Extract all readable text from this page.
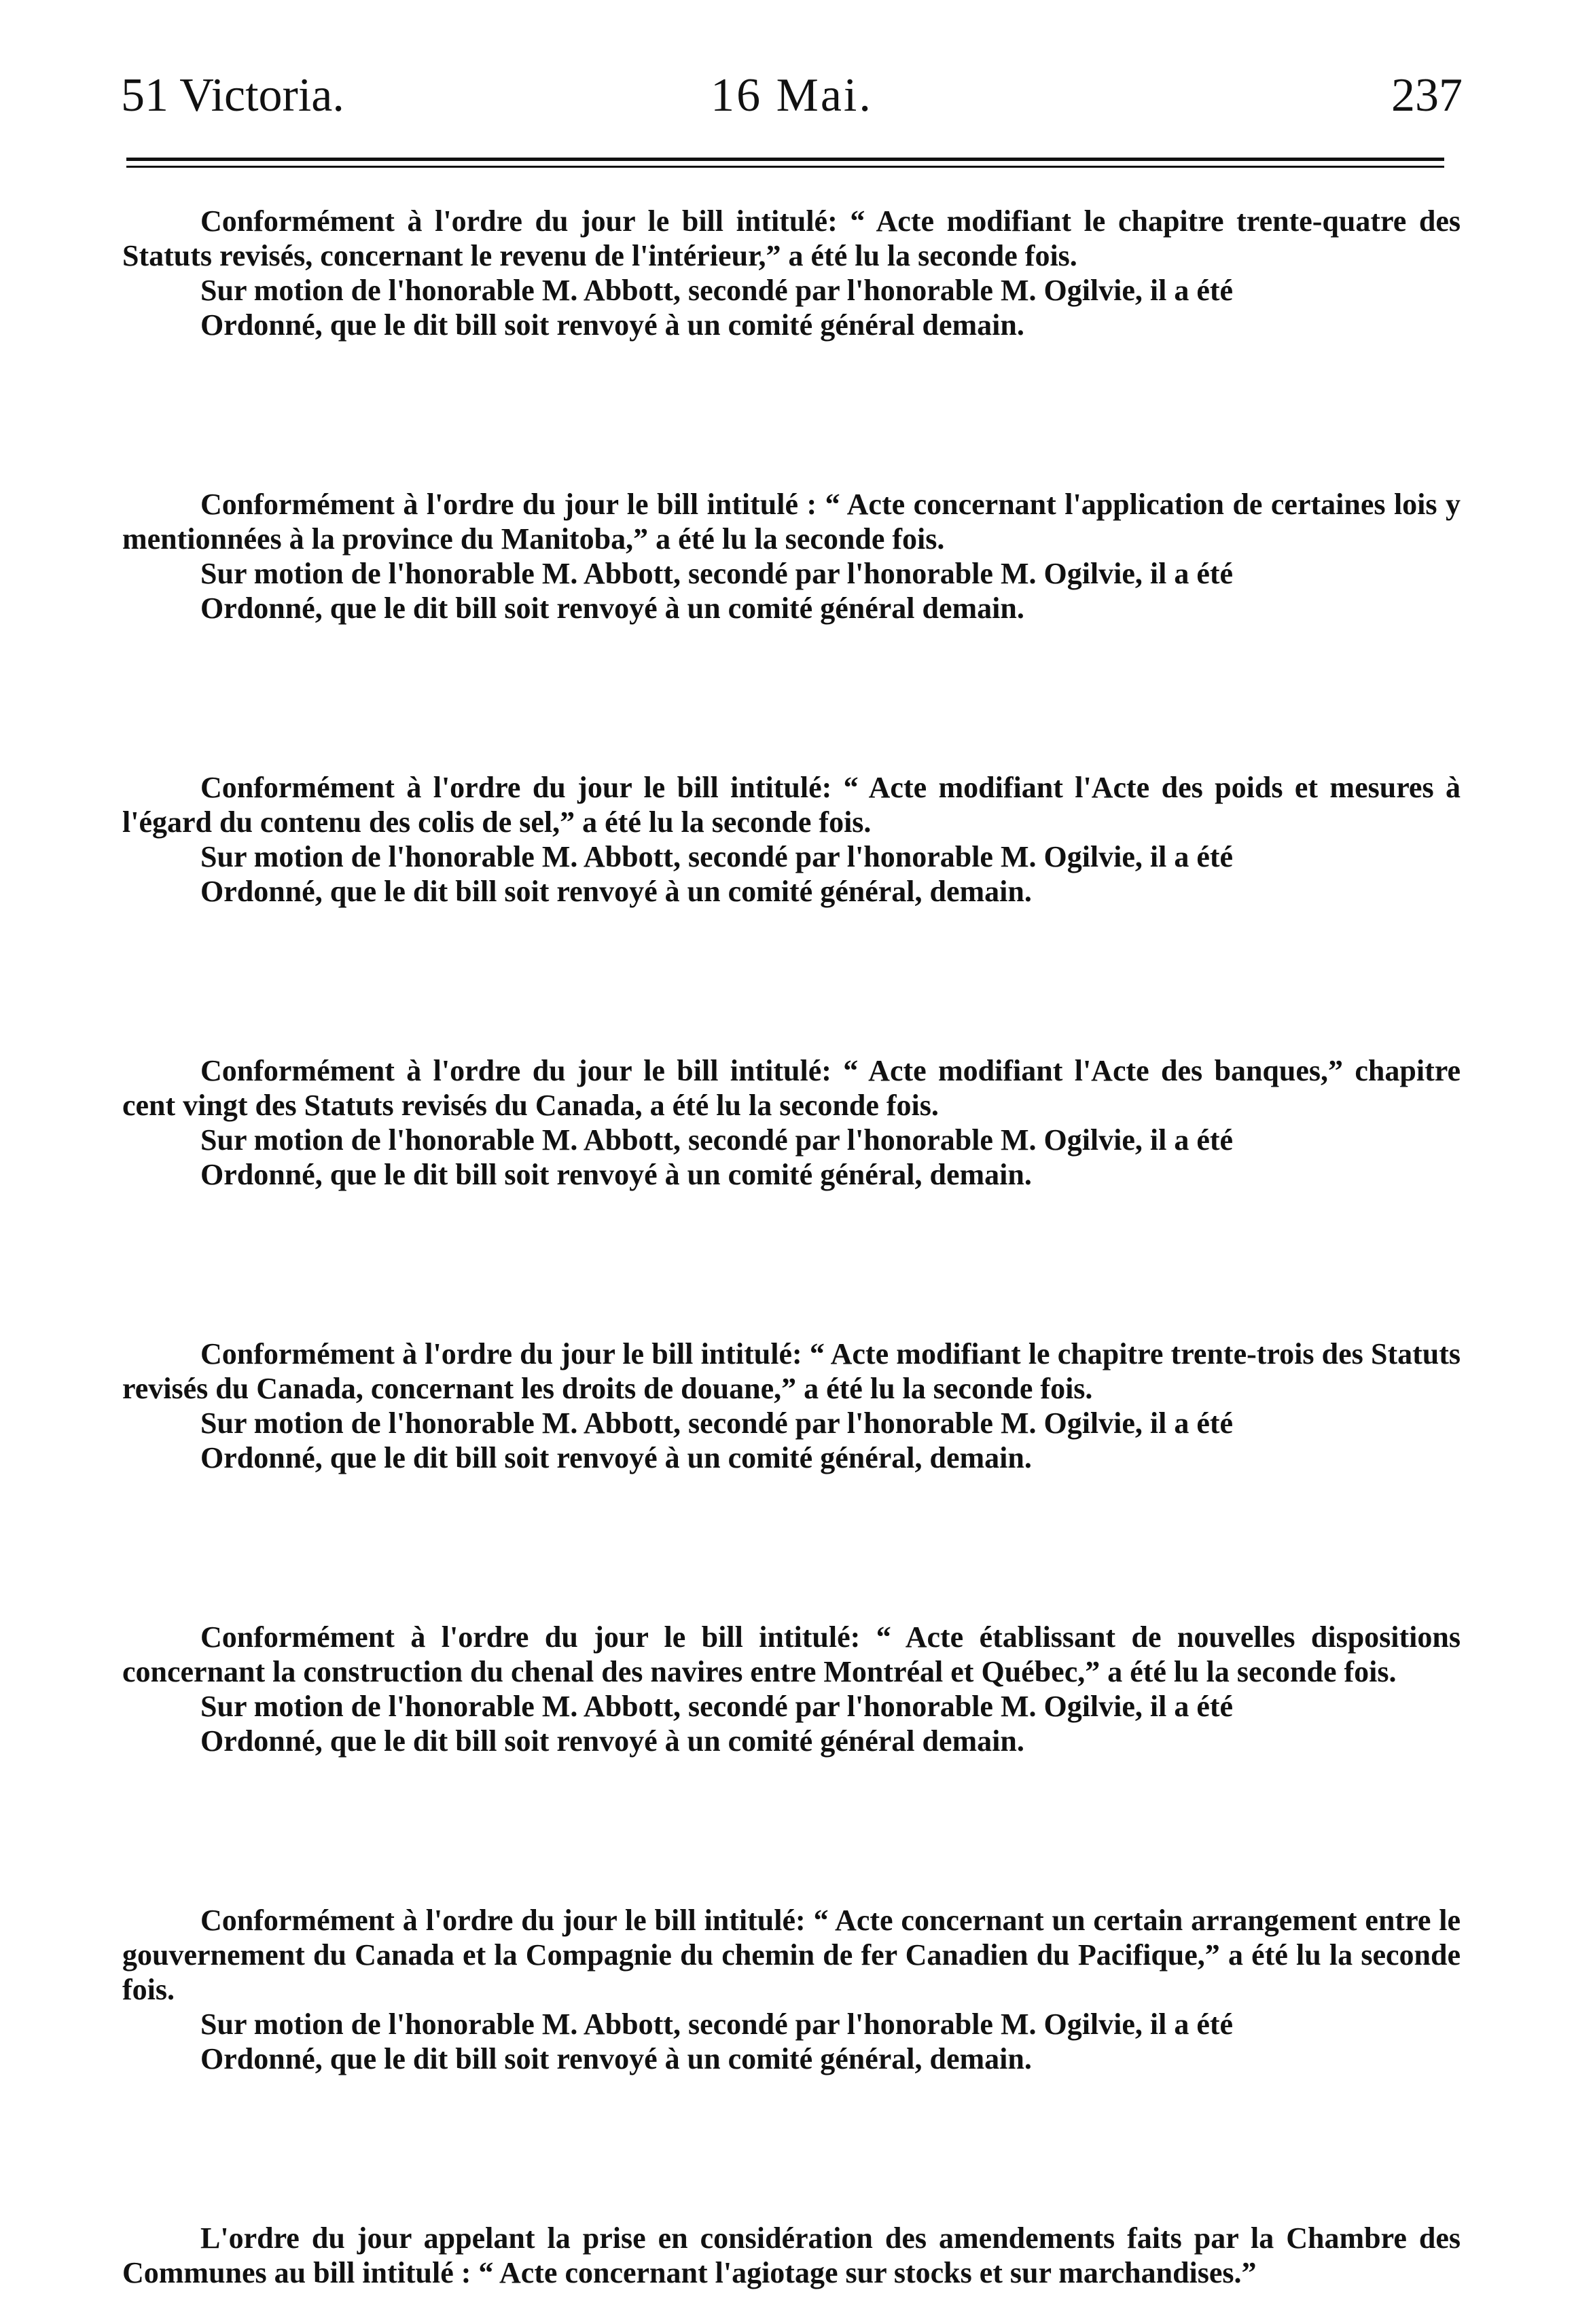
51 Victoria.	16 Mai.	237

Conformément à l'ordre du jour le bill intitulé: “ Acte modifiant le chapitre trente-quatre des Statuts revisés, concernant le revenu de l'intérieur,” a été lu la seconde fois.

Sur motion de l'honorable M. Abbott, secondé par l'honorable M. Ogilvie, il a été

Ordonné, que le dit bill soit renvoyé à un comité général demain.

Conformément à l'ordre du jour le bill intitulé : “ Acte concernant l'application de certaines lois y mentionnées à la province du Manitoba,” a été lu la seconde fois.

Sur motion de l'honorable M. Abbott, secondé par l'honorable M. Ogilvie, il a été

Ordonné, que le dit bill soit renvoyé à un comité général demain.

Conformément à l'ordre du jour le bill intitulé: “ Acte modifiant l'Acte des poids et mesures à l'égard du contenu des colis de sel,” a été lu la seconde fois.

Sur motion de l'honorable M. Abbott, secondé par l'honorable M. Ogilvie, il a été

Ordonné, que le dit bill soit renvoyé à un comité général, demain.

Conformément à l'ordre du jour le bill intitulé: “ Acte modifiant l'Acte des banques,” chapitre cent vingt des Statuts revisés du Canada, a été lu la seconde fois.

Sur motion de l'honorable M. Abbott, secondé par l'honorable M. Ogilvie, il a été

Ordonné, que le dit bill soit renvoyé à un comité général, demain.

Conformément à l'ordre du jour le bill intitulé: “ Acte modifiant le chapitre trente-trois des Statuts revisés du Canada, concernant les droits de douane,” a été lu la seconde fois.

Sur motion de l'honorable M. Abbott, secondé par l'honorable M. Ogilvie, il a été

Ordonné, que le dit bill soit renvoyé à un comité général, demain.

Conformément à l'ordre du jour le bill intitulé: “ Acte établissant de nouvelles dispositions concernant la construction du chenal des navires entre Montréal et Québec,” a été lu la seconde fois.

Sur motion de l'honorable M. Abbott, secondé par l'honorable M. Ogilvie, il a été

Ordonné, que le dit bill soit renvoyé à un comité général demain.

Conformément à l'ordre du jour le bill intitulé: “ Acte concernant un certain arrangement entre le gouvernement du Canada et la Compagnie du chemin de fer Canadien du Pacifique,” a été lu la seconde fois.

Sur motion de l'honorable M. Abbott, secondé par l'honorable M. Ogilvie, il a été

Ordonné, que le dit bill soit renvoyé à un comité général, demain.

L'ordre du jour appelant la prise en considération des amendements faits par la Chambre des Communes au bill intitulé : “ Acte concernant l'agiotage sur stocks et sur marchandises.”
